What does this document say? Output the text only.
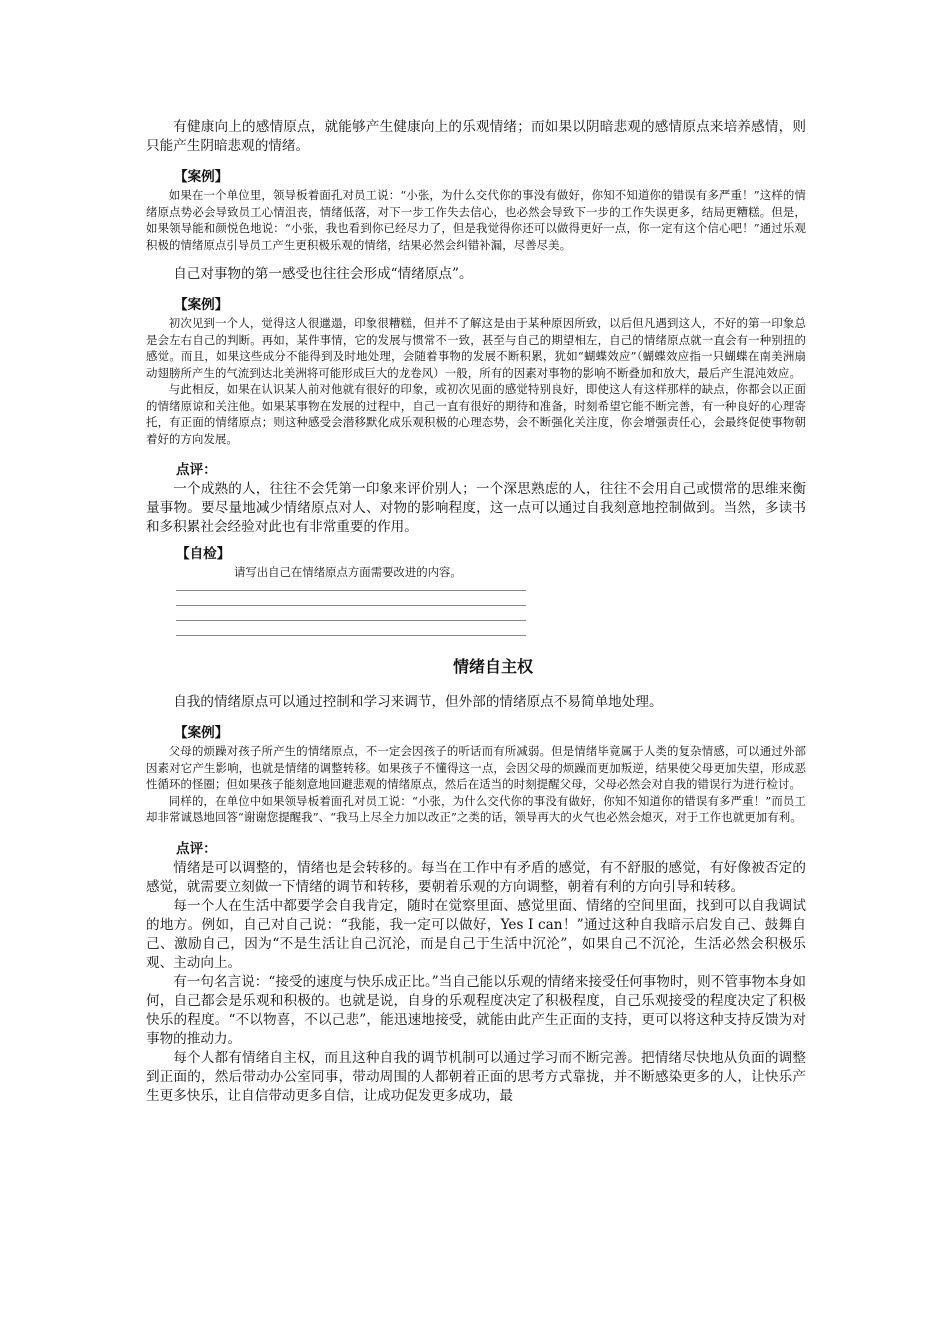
有健康向上的感情原点，就能够产生健康向上的乐观情绪；而如果以阴暗悲观的感情原点来培养感情，则只能产生阴暗悲观的情绪。

【案例】

如果在一个单位里，领导板着面孔对员工说：“小张，为什么交代你的事没有做好，你知不知道你的错误有多严重！”这样的情绪原点势必会导致员工心情沮丧，情绪低落，对下一步工作失去信心，也必然会导致下一步的工作失误更多，结局更糟糕。但是，如果领导能和颜悦色地说：“小张，我也看到你已经尽力了，但是我觉得你还可以做得更好一点，你一定有这个信心吧！”通过乐观积极的情绪原点引导员工产生更积极乐观的情绪，结果必然会纠错补漏，尽善尽美。

自己对事物的第一感受也往往会形成“情绪原点”。

【案例】

初次见到一个人，觉得这人很邋遢，印象很糟糕，但并不了解这是由于某种原因所致，以后但凡遇到这人，不好的第一印象总是会左右自己的判断。再如，某件事情，它的发展与惯常不一致，甚至与自己的期望相左，自己的情绪原点就一直会有一种别扭的感觉。而且，如果这些成分不能得到及时地处理，会随着事物的发展不断积累，犹如“蝴蝶效应”（蝴蝶效应指一只蝴蝶在南美洲扇动翅膀所产生的气流到达北美洲将可能形成巨大的龙卷风）一般，所有的因素对事物的影响不断叠加和放大，最后产生混沌效应。

与此相反，如果在认识某人前对他就有很好的印象，或初次见面的感觉特别良好，即使这人有这样那样的缺点，你都会以正面的情绪原谅和关注他。如果某事物在发展的过程中，自己一直有很好的期待和准备，时刻希望它能不断完善，有一种良好的心理寄托，有正面的情绪原点；则这种感受会潜移默化成乐观积极的心理态势，会不断强化关注度，你会增强责任心，会最终促使事物朝着好的方向发展。

点评：

一个成熟的人，往往不会凭第一印象来评价别人；一个深思熟虑的人，往往不会用自己或惯常的思维来衡量事物。要尽量地减少情绪原点对人、对物的影响程度，这一点可以通过自我刻意地控制做到。当然，多读书和多积累社会经验对此也有非常重要的作用。

【自检】

请写出自己在情绪原点方面需要改进的内容。

情绪自主权

自我的情绪原点可以通过控制和学习来调节，但外部的情绪原点不易简单地处理。

【案例】

父母的烦躁对孩子所产生的情绪原点，不一定会因孩子的听话而有所减弱。但是情绪毕竟属于人类的复杂情感，可以通过外部因素对它产生影响，也就是情绪的调整转移。如果孩子不懂得这一点，会因父母的烦躁而更加叛逆，结果使父母更加失望，形成恶性循环的怪圈；但如果孩子能刻意地回避悲观的情绪原点，然后在适当的时刻提醒父母，父母必然会对自我的错误行为进行检讨。

同样的，在单位中如果领导板着面孔对员工说：“小张，为什么交代你的事没有做好，你知不知道你的错误有多严重！”而员工却非常诚恳地回答“谢谢您提醒我”、“我马上尽全力加以改正”之类的话，领导再大的火气也必然会熄灭，对于工作也就更加有利。

点评：

情绪是可以调整的，情绪也是会转移的。每当在工作中有矛盾的感觉，有不舒服的感觉，有好像被否定的感觉，就需要立刻做一下情绪的调节和转移，要朝着乐观的方向调整，朝着有利的方向引导和转移。

每一个人在生活中都要学会自我肯定，随时在觉察里面、感觉里面、情绪的空间里面，找到可以自我调试的地方。例如，自己对自己说：“我能，我一定可以做好，Yes I can！”通过这种自我暗示启发自己、鼓舞自己、激励自己，因为“不是生活让自己沉沦，而是自己于生活中沉沦”，如果自己不沉沦，生活必然会积极乐观、主动向上。

有一句名言说：“接受的速度与快乐成正比。”当自己能以乐观的情绪来接受任何事物时，则不管事物本身如何，自己都会是乐观和积极的。也就是说，自身的乐观程度决定了积极程度，自己乐观接受的程度决定了积极快乐的程度。“不以物喜，不以己悲”，能迅速地接受，就能由此产生正面的支持，更可以将这种支持反馈为对事物的推动力。

每个人都有情绪自主权，而且这种自我的调节机制可以通过学习而不断完善。把情绪尽快地从负面的调整到正面的，然后带动办公室同事，带动周围的人都朝着正面的思考方式靠拢，并不断感染更多的人，让快乐产生更多快乐，让自信带动更多自信，让成功促发更多成功，最
